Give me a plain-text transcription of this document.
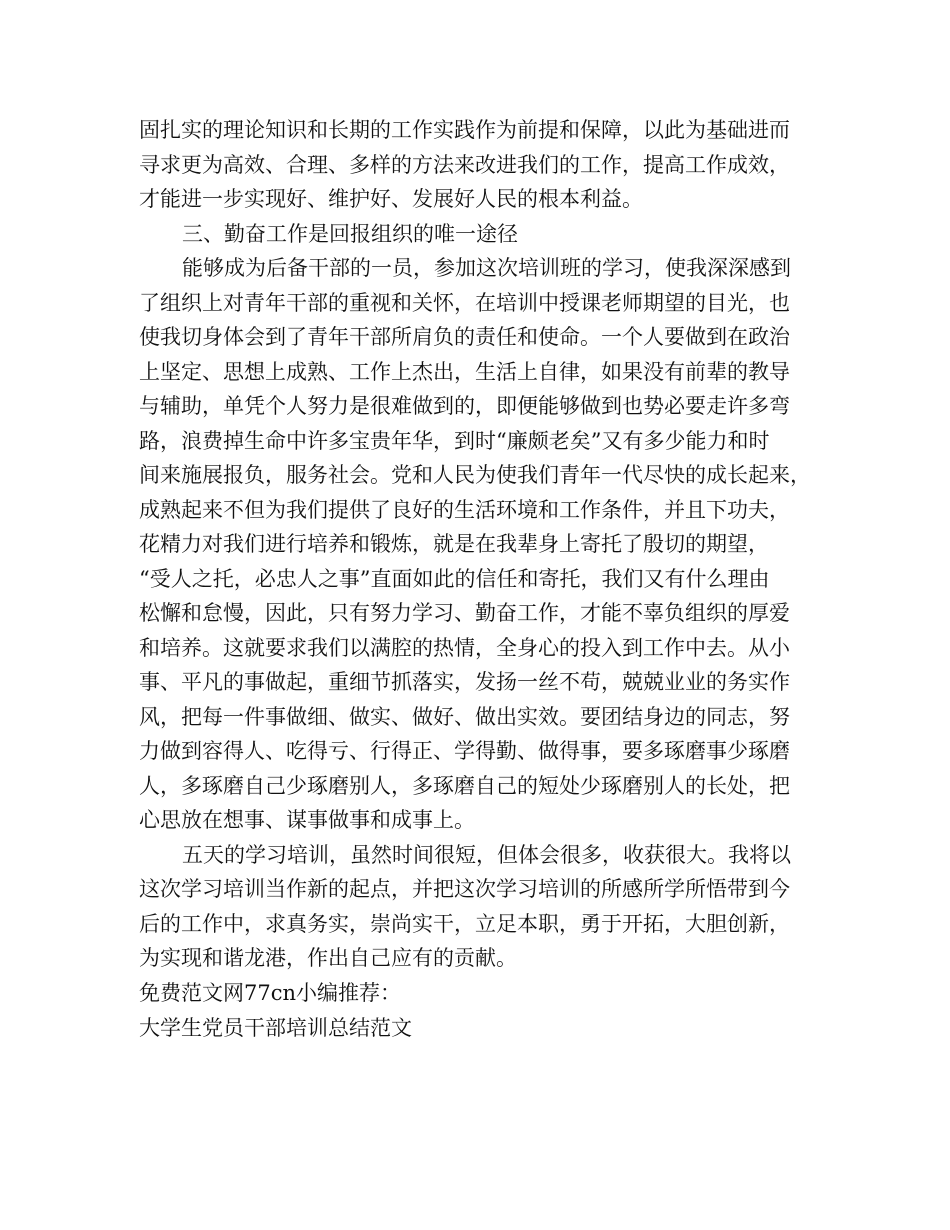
固扎实的理论知识和长期的工作实践作为前提和保障，以此为基础进而
寻求更为高效、合理、多样的方法来改进我们的工作，提高工作成效，
才能进一步实现好、维护好、发展好人民的根本利益。
三、勤奋工作是回报组织的唯一途径
能够成为后备干部的一员，参加这次培训班的学习，使我深深感到
了组织上对青年干部的重视和关怀，在培训中授课老师期望的目光，也
使我切身体会到了青年干部所肩负的责任和使命。一个人要做到在政治
上坚定、思想上成熟、工作上杰出，生活上自律，如果没有前辈的教导
与辅助，单凭个人努力是很难做到的，即便能够做到也势必要走许多弯
路，浪费掉生命中许多宝贵年华，到时“廉颇老矣”又有多少能力和时
间来施展报负，服务社会。党和人民为使我们青年一代尽快的成长起来，
成熟起来不但为我们提供了良好的生活环境和工作条件，并且下功夫，
花精力对我们进行培养和锻炼，就是在我辈身上寄托了殷切的期望，
“受人之托，必忠人之事”直面如此的信任和寄托，我们又有什么理由
松懈和怠慢，因此，只有努力学习、勤奋工作，才能不辜负组织的厚爱
和培养。这就要求我们以满腔的热情，全身心的投入到工作中去。从小
事、平凡的事做起，重细节抓落实，发扬一丝不苟，兢兢业业的务实作
风，把每一件事做细、做实、做好、做出实效。要团结身边的同志，努
力做到容得人、吃得亏、行得正、学得勤、做得事，要多琢磨事少琢磨
人，多琢磨自己少琢磨别人，多琢磨自己的短处少琢磨别人的长处，把
心思放在想事、谋事做事和成事上。
五天的学习培训，虽然时间很短，但体会很多，收获很大。我将以
这次学习培训当作新的起点，并把这次学习培训的所感所学所悟带到今
后的工作中，求真务实，崇尚实干，立足本职，勇于开拓，大胆创新，
为实现和谐龙港，作出自己应有的贡献。
免费范文网77cn小编推荐：
大学生党员干部培训总结范文
